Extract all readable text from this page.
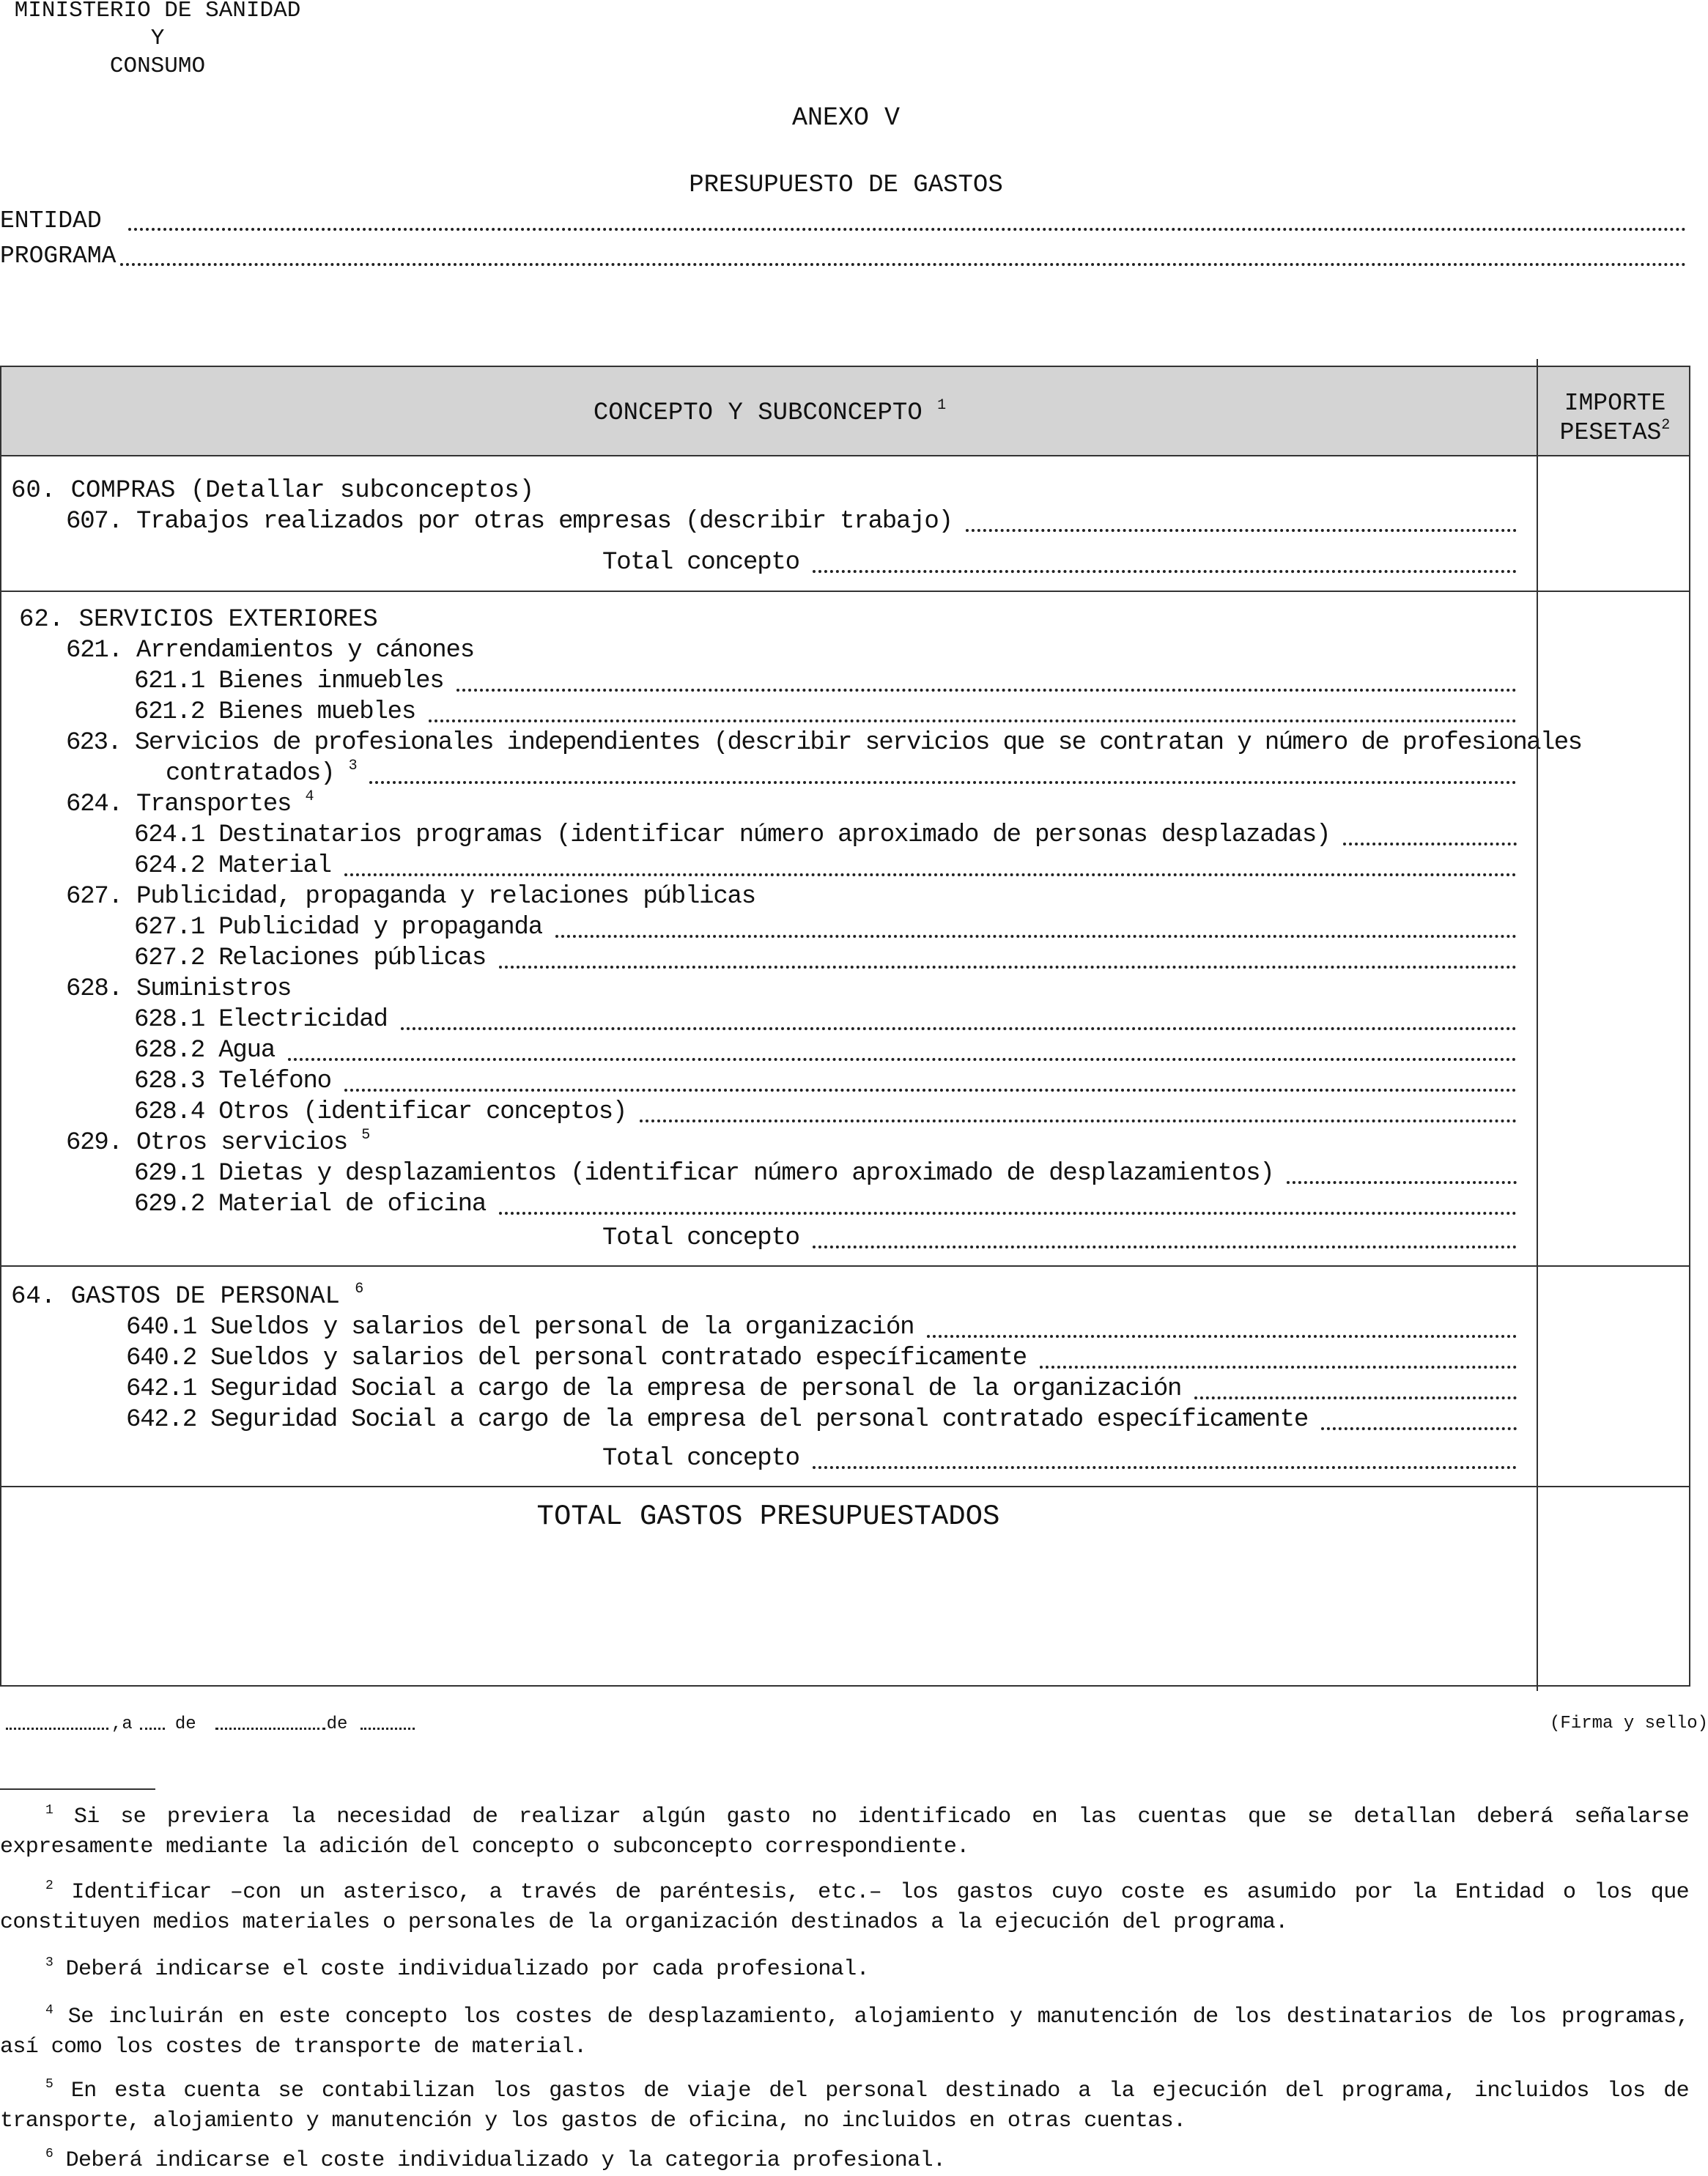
MINISTERIO DE SANIDAD
Y
CONSUMO
ANEXO V
PRESUPUESTO DE GASTOS
ENTIDAD
PROGRAMA
CONCEPTO Y SUBCONCEPTO $^1$	IMPORTE
PESETAS$^2$
60. COMPRAS (Detallar subconceptos)
607. Trabajos realizados por otras empresas (describir trabajo)
Total concepto
62. SERVICIOS EXTERIORES
621. Arrendamientos y cánones
621.1 Bienes inmuebles
621.2 Bienes muebles
623. Servicios de profesionales independientes (describir servicios que se contratan y número de profesionales
contratados) $^3$
624. Transportes $^4$
624.1 Destinatarios programas (identificar número aproximado de personas desplazadas)
624.2 Material
627. Publicidad, propaganda y relaciones públicas
627.1 Publicidad y propaganda
627.2 Relaciones públicas
628. Suministros
628.1 Electricidad
628.2 Agua
628.3 Teléfono
628.4 Otros (identificar conceptos)
629. Otros servicios $^5$
629.1 Dietas y desplazamientos (identificar número aproximado de desplazamientos)
629.2 Material de oficina
Total concepto
64. GASTOS DE PERSONAL $^6$
640.1 Sueldos y salarios del personal de la organización
640.2 Sueldos y salarios del personal contratado específicamente
642.1 Seguridad Social a cargo de la empresa de personal de la organización
642.2 Seguridad Social a cargo de la empresa del personal contratado específicamente
Total concepto
TOTAL GASTOS PRESUPUESTADOS
,a de	de	(Firma y sello)
$^1$ Si se previera la necesidad de realizar algún gasto no identificado en las cuentas que se detallan deberá señalarse expresamente mediante la adición del concepto o subconcepto correspondiente.
$^2$ Identificar –con un asterisco, a través de paréntesis, etc.– los gastos cuyo coste es asumido por la Entidad o los que constituyen medios materiales o personales de la organización destinados a la ejecución del programa.
$^3$ Deberá indicarse el coste individualizado por cada profesional.
$^4$ Se incluirán en este concepto los costes de desplazamiento, alojamiento y manutención de los destinatarios de los programas, así como los costes de transporte de material.
$^5$ En esta cuenta se contabilizan los gastos de viaje del personal destinado a la ejecución del programa, incluidos los de transporte, alojamiento y manutención y los gastos de oficina, no incluidos en otras cuentas.
$^6$ Deberá indicarse el coste individualizado y la categoria profesional.
